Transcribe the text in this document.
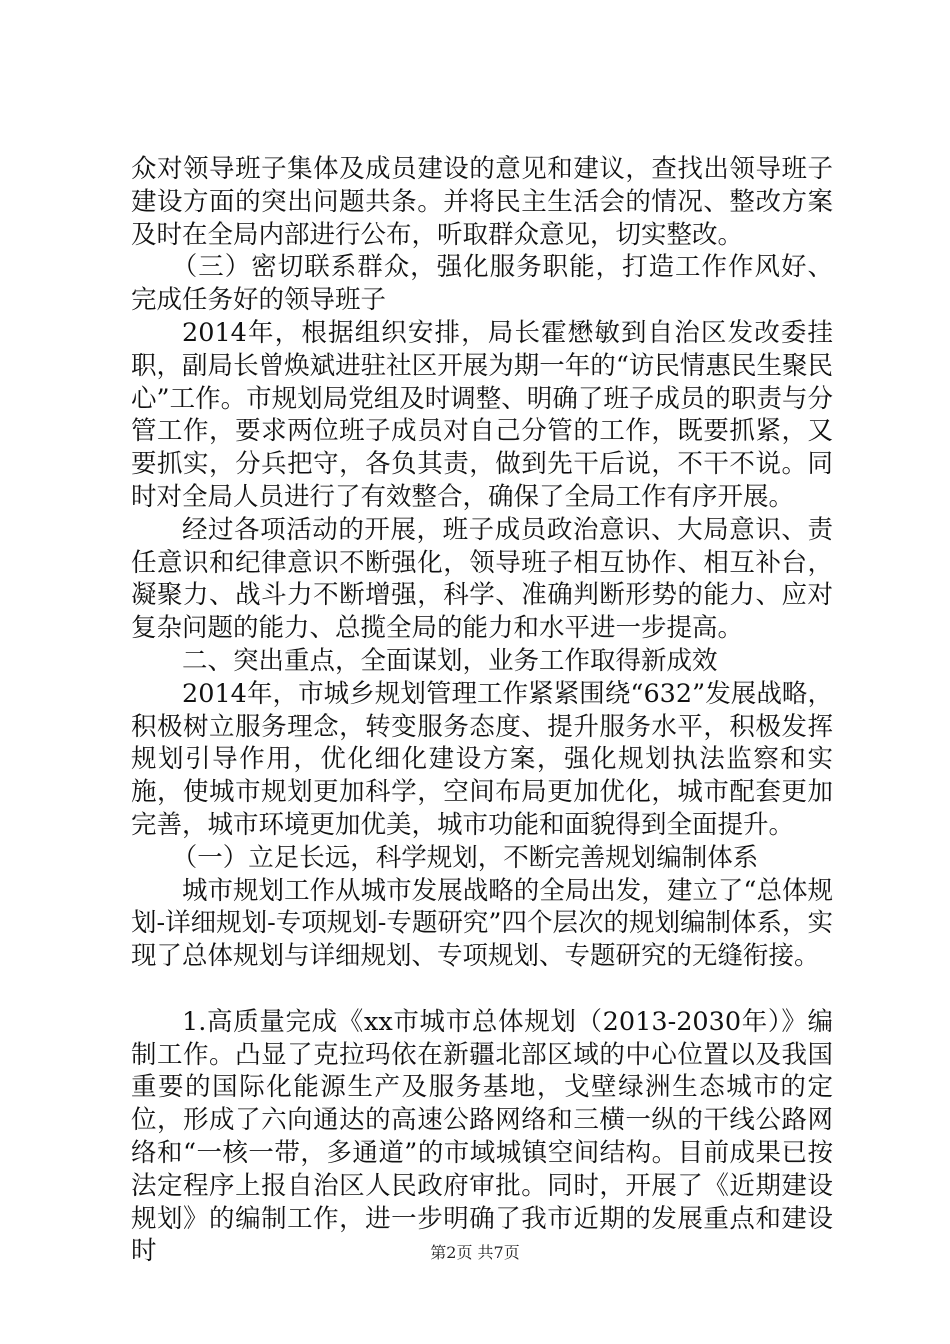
众对领导班子集体及成员建设的意见和建议，查找出领导班子建设方面的突出问题共条。并将民主生活会的情况、整改方案及时在全局内部进行公布，听取群众意见，切实整改。

（三）密切联系群众，强化服务职能，打造工作作风好、完成任务好的领导班子

2014年，根据组织安排，局长霍懋敏到自治区发改委挂职，副局长曾焕斌进驻社区开展为期一年的“访民情惠民生聚民心”工作。市规划局党组及时调整、明确了班子成员的职责与分管工作，要求两位班子成员对自己分管的工作，既要抓紧，又要抓实，分兵把守，各负其责，做到先干后说，不干不说。同时对全局人员进行了有效整合，确保了全局工作有序开展。

经过各项活动的开展，班子成员政治意识、大局意识、责任意识和纪律意识不断强化，领导班子相互协作、相互补台，凝聚力、战斗力不断增强，科学、准确判断形势的能力、应对复杂问题的能力、总揽全局的能力和水平进一步提高。

二、突出重点，全面谋划，业务工作取得新成效

2014年，市城乡规划管理工作紧紧围绕“632”发展战略，积极树立服务理念，转变服务态度、提升服务水平，积极发挥规划引导作用，优化细化建设方案，强化规划执法监察和实施，使城市规划更加科学，空间布局更加优化，城市配套更加完善，城市环境更加优美，城市功能和面貌得到全面提升。

（一）立足长远，科学规划，不断完善规划编制体系

城市规划工作从城市发展战略的全局出发，建立了“总体规划-详细规划-专项规划-专题研究”四个层次的规划编制体系，实现了总体规划与详细规划、专项规划、专题研究的无缝衔接。

1.高质量完成《xx市城市总体规划（2013-2030年）》编制工作。凸显了克拉玛依在新疆北部区域的中心位置以及我国重要的国际化能源生产及服务基地，戈壁绿洲生态城市的定位，形成了六向通达的高速公路网络和三横一纵的干线公路网络和“一核一带，多通道”的市域城镇空间结构。目前成果已按法定程序上报自治区人民政府审批。同时，开展了《近期建设规划》的编制工作，进一步明确了我市近期的发展重点和建设时	第2页 共7页
